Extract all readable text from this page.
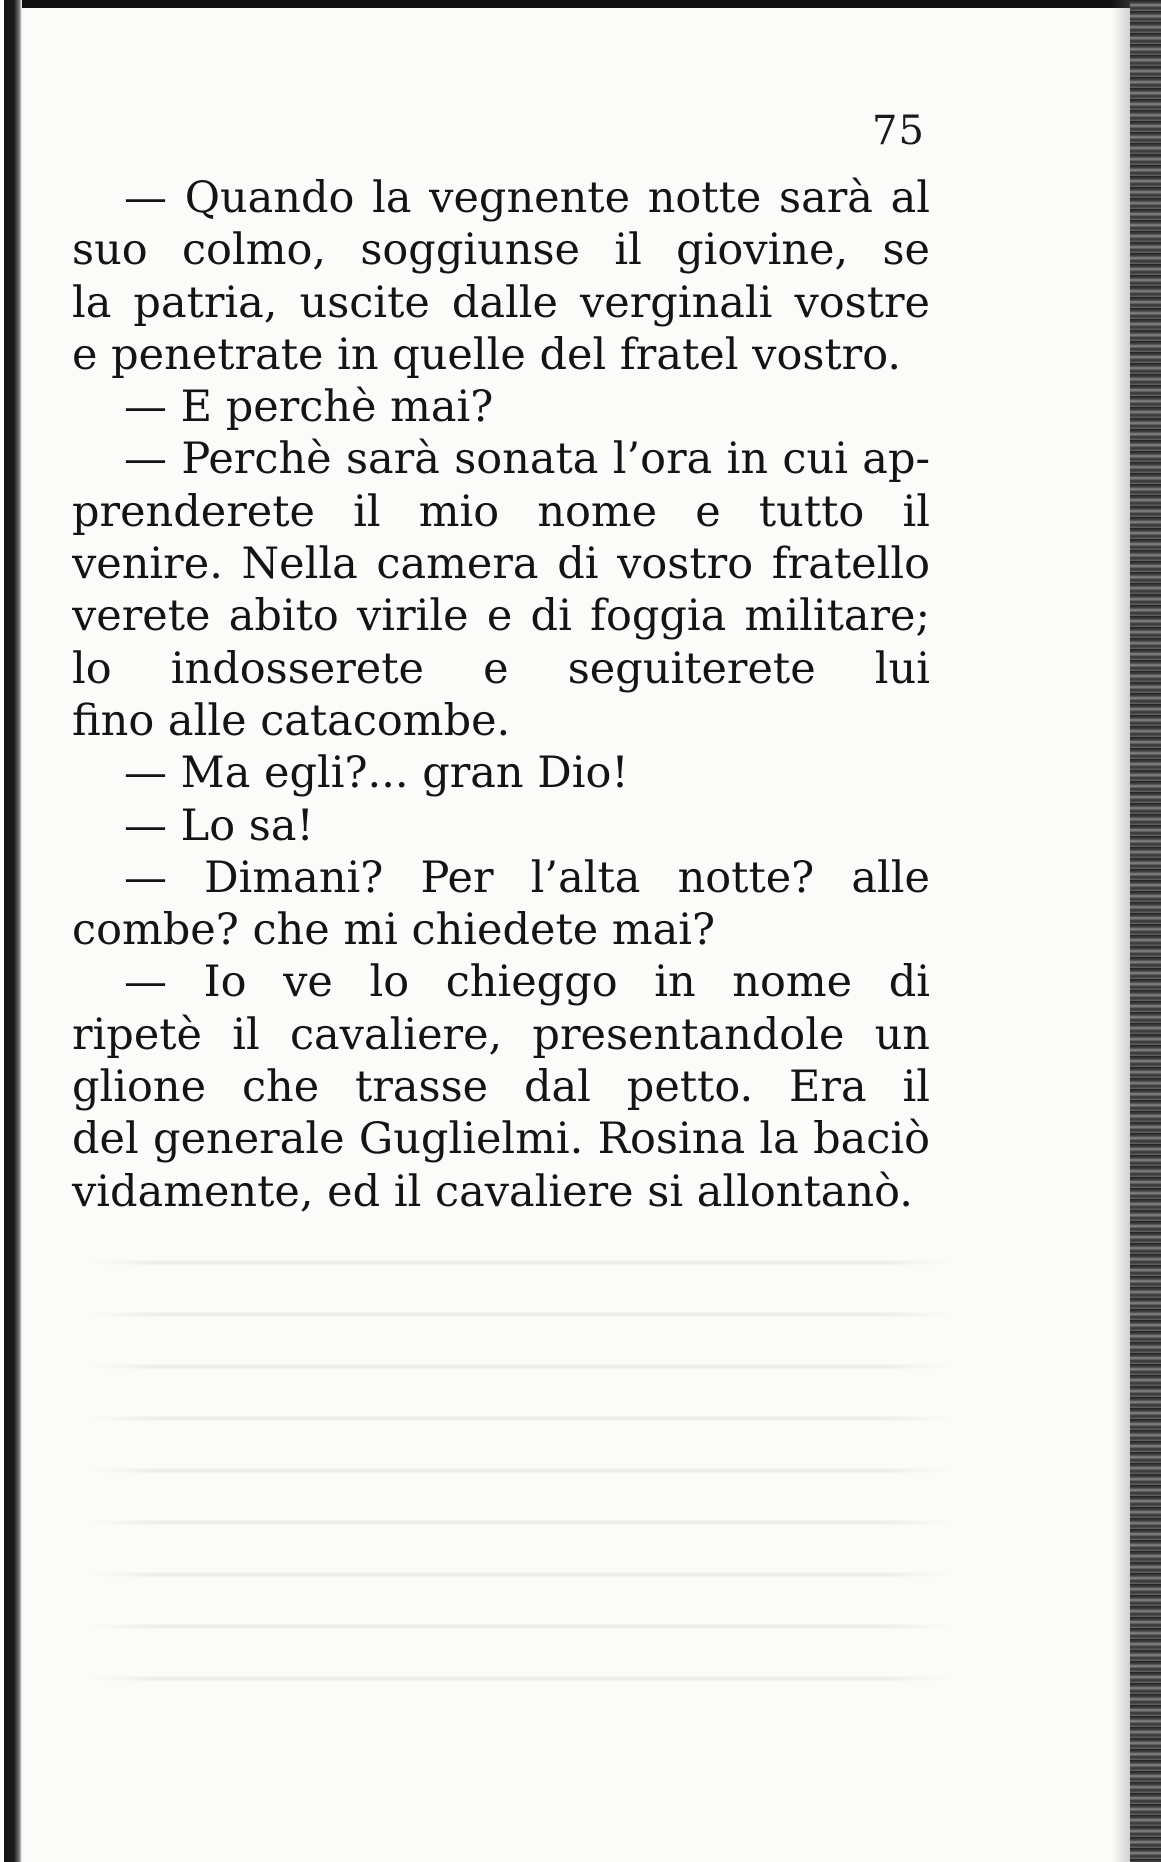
75
— Quando la vegnente notte sarà al
suo colmo, soggiunse il giovine, se
la patria, uscite dalle verginali vostre
e penetrate in quelle del fratel vostro.
— E perchè mai?
— Perchè sarà sonata l’ora in cui ap-
prenderete il mio nome e tutto il
venire. Nella camera di vostro fratello
verete abito virile e di foggia militare;
lo indosserete e seguiterete lui
fino alle catacombe.
— Ma egli?... gran Dio!
— Lo sa!
— Dimani? Per l’alta notte? alle
combe? che mi chiedete mai?
— Io ve lo chieggo in nome di
ripetè il cavaliere, presentandole un
glione che trasse dal petto. Era il
del generale Guglielmi. Rosina la baciò
vidamente, ed il cavaliere si allontanò.
